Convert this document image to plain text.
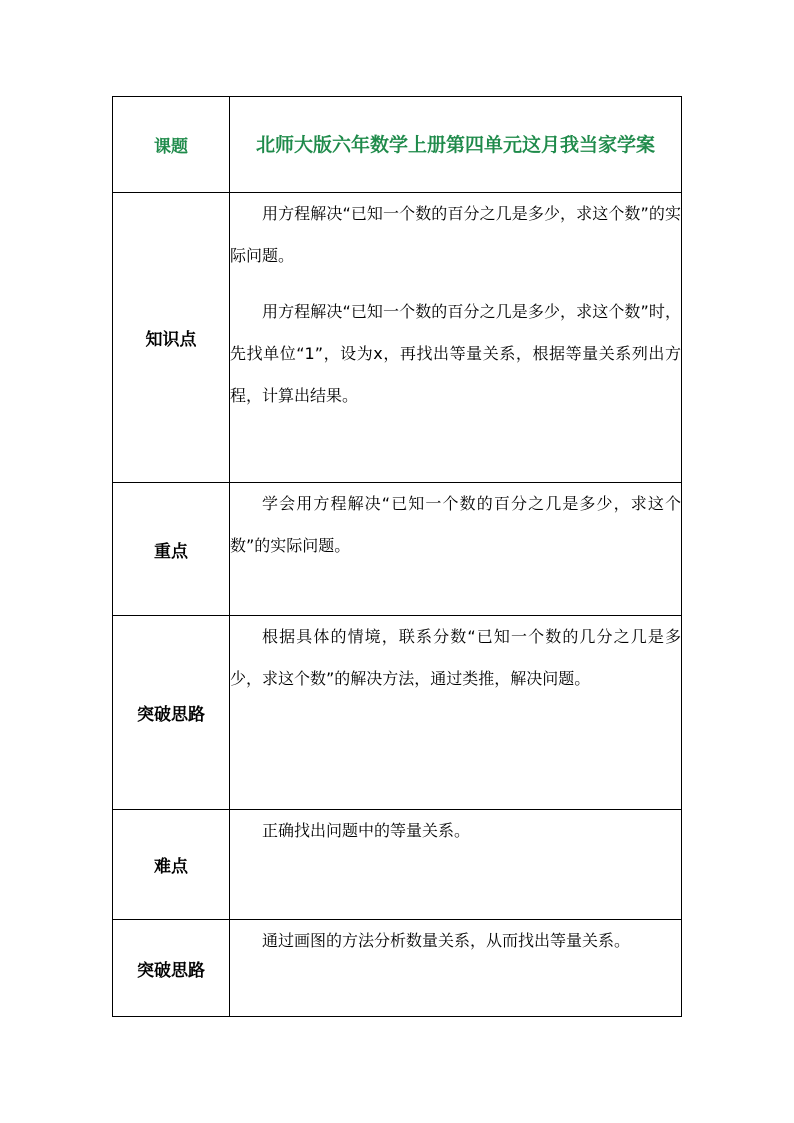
课题	北师大版六年数学上册第四单元这月我当家学案
知识点	用方程解决“已知一个数的百分之几是多少，求这个数”的实际问题。

用方程解决“已知一个数的百分之几是多少，求这个数”时，先找单位“1”，设为x，再找出等量关系，根据等量关系列出方程，计算出结果。

重点	学会用方程解决“已知一个数的百分之几是多少，求这个数”的实际问题。

突破思路	根据具体的情境，联系分数“已知一个数的几分之几是多少，求这个数”的解决方法，通过类推，解决问题。

难点	正确找出问题中的等量关系。

突破思路	通过画图的方法分析数量关系，从而找出等量关系。
